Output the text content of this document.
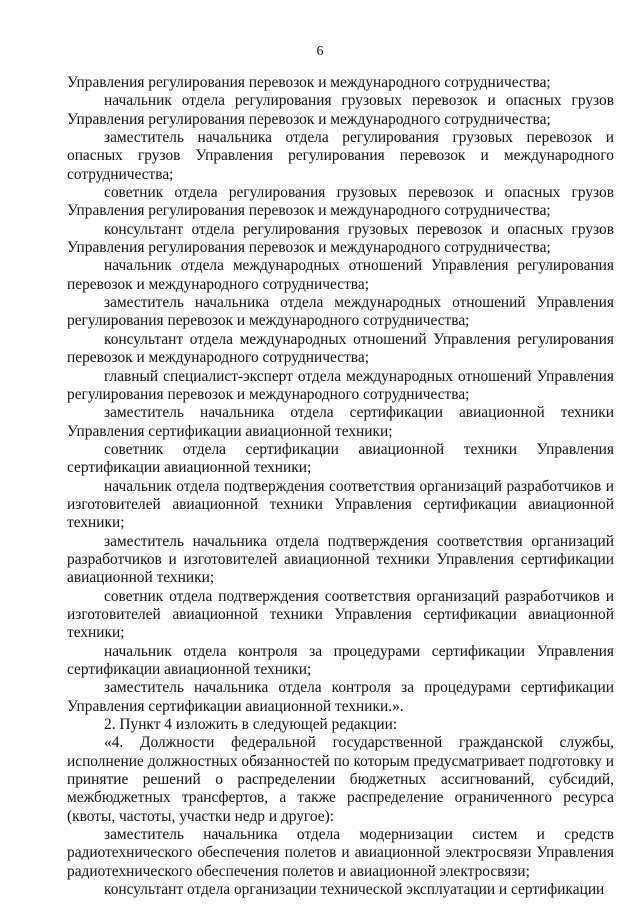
6

Управления регулирования перевозок и международного сотрудничества;

начальник отдела регулирования грузовых перевозок и опасных грузов Управления регулирования перевозок и международного сотрудничества;

заместитель начальника отдела регулирования грузовых перевозок и опасных грузов Управления регулирования перевозок и международного сотрудничества;

советник отдела регулирования грузовых перевозок и опасных грузов Управления регулирования перевозок и международного сотрудничества;

консультант отдела регулирования грузовых перевозок и опасных грузов Управления регулирования перевозок и международного сотрудничества;

начальник отдела международных отношений Управления регулирования перевозок и международного сотрудничества;

заместитель начальника отдела международных отношений Управления регулирования перевозок и международного сотрудничества;

консультант отдела международных отношений Управления регулирования перевозок и международного сотрудничества;

главный специалист-эксперт отдела международных отношений Управления регулирования перевозок и международного сотрудничества;

заместитель начальника отдела сертификации авиационной техники Управления сертификации авиационной техники;

советник отдела сертификации авиационной техники Управления сертификации авиационной техники;

начальник отдела подтверждения соответствия организаций разработчиков и изготовителей авиационной техники Управления сертификации авиационной техники;

заместитель начальника отдела подтверждения соответствия организаций разработчиков и изготовителей авиационной техники Управления сертификации авиационной техники;

советник отдела подтверждения соответствия организаций разработчиков и изготовителей авиационной техники Управления сертификации авиационной техники;

начальник отдела контроля за процедурами сертификации Управления сертификации авиационной техники;

заместитель начальника отдела контроля за процедурами сертификации Управления сертификации авиационной техники.».

2. Пункт 4 изложить в следующей редакции:

«4. Должности федеральной государственной гражданской службы, исполнение должностных обязанностей по которым предусматривает подготовку и принятие решений о распределении бюджетных ассигнований, субсидий, межбюджетных трансфертов, а также распределение ограниченного ресурса (квоты, частоты, участки недр и другое):

заместитель начальника отдела модернизации систем и средств радиотехнического обеспечения полетов и авиационной электросвязи Управления радиотехнического обеспечения полетов и авиационной электросвязи;

консультант отдела организации технической эксплуатации и сертификации
